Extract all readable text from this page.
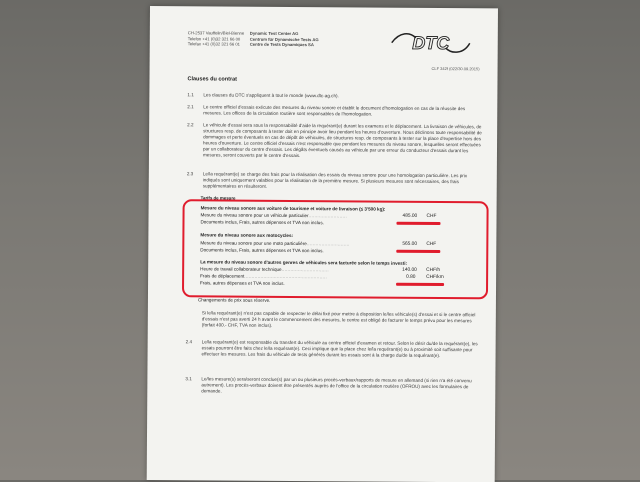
CH-2537 Vauffelin/Biel-Bienne
Telefon +41 (0)32 321 66 00
Telefax +41 (0)32 321 66 01
Dynamic Test Center AG
Centrum für Dynamische Tests AG
Centre de Tests Dynamiques SA	DTC
CLF 342f (022/30.09.2015)
Clauses du contrat
1.1	Les clauses du DTC s'appliquent à tout le monde (www.dtc-ag.ch).
2.1	Le centre officiel d'essais exécute des mesures du niveau sonore et établit le document d'homologation en cas de la réussite des mesures. Les offices de la circulation routière sont responsables de l'homologation.
2.2	Le véhicule d'essai sera sous la responsabilité d'aide la requérant(e) durant les examens et le déplacement. La livraison de véhicules, de structures resp. de composants à tester doit en principe avoir lieu pendant les heures d'ouverture. Nous déclinons toute responsabilité de dommages et perte éventuels en cas de dépôt de véhicules, de structures resp. de composants à tester sur la place d'expertise hors des heures d'ouverture. Le centre officiel d'essais n'est responsable que pendant les mesures du niveau sonore, lesquelles seront effectuées par un collaborateur du centre d'essais. Les dégâts éventuels causés au véhicule par une erreur du conducteur d'essais durant les mesures, seront couverts par le centre d'essais.
2.3	Le/la requérant(e) se charge des frais pour la réalisation des essais du niveau sonore pour une homologation particulière. Les prix indiqués sont uniquement valables pour la réalisation de la première mesure. Si plusieurs mesures sont nécessaires, des frais supplémentaires en résulteront.
Tarifs de mesure
Mesure du niveau sonore aux voiture de tourisme et voiture de livraison (≤ 3'500 kg):
Mesure du niveau sonore pour un véhicule particulier..........................	485.00 CHF
Documents inclus, Frais, autres dépenses et TVA non inclus.
Mesure du niveau sonore aux motocycles:
Mesure du niveau sonore pour une moto particulière.............................	565.00 CHF
Documents inclus, Frais, autres dépenses et TVA non inclus.
La mesure du niveau sonore d'autres genres de véhicules sera facturée selon le temps investi:
Heure de travail collaborateur technique................................	140.00 CHF/h
Frais de déplacement........................................................	0.80 CHF/km
Frais, autres dépenses et TVA non inclus.
Changements de prix sous réserve.
Si le/la requérant(e) n'est pas capable de respecter le délai fixé pour mettre à disposition le/les véhicule(s) d'essai et si le centre officiel d'essais n'est pas averti 24 h avant le commencement des mesures, le centre est obligé de facturer le temps prévu pour les mesures (forfait 400.- CHF, TVA non inclus).
2.4	Le/la requérant(e) est responsable du transfert du véhicule au centre officiel d'examen et retour. Selon le désir du/de la requérant(e), les essais pourront être faits chez le/la requérant(e). Ceci implique que la place chez le/la requérant(e) ou à proximité soit suffisante pour effectuer les mesures. Les frais du véhicule de tests générés durant les essais sont à la charge du/de la requérant(e).
3.1	Le/les mesure(s) sera/seront conclue(s) par un ou plusieurs procès-verbaux/rapports de mesure en allemand (si rien n'a été convenu autrement). Les procès-verbaux doivent être présentés auprès de l'office de la circulation routière (OFROU) avec les formulaires de demande.
